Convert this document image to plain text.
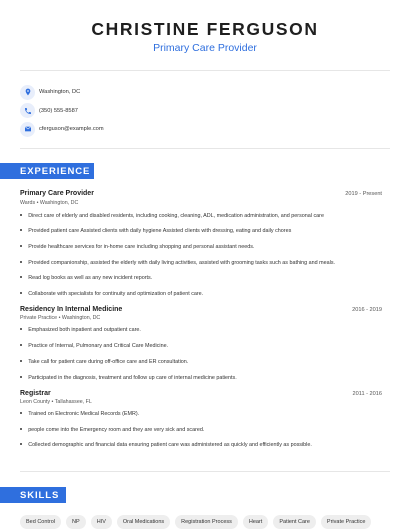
CHRISTINE FERGUSON
Primary Care Provider
Washington, DC
(350) 555-8587
cferguson@example.com
EXPERIENCE
Primary Care Provider	2019 - Present
Wards • Washington, DC
Direct care of elderly and disabled residents, including cooking, cleaning, ADL, medication administration, and personal care
Provided patient care Assisted clients with daily hygiene Assisted clients with dressing, eating and daily chores
Provide healthcare services for in-home care including shopping and personal assistant needs.
Provided companionship, assisted the elderly with daily living activities, assisted with grooming tasks such as bathing and meals.
Read log books as well as any new incident reports.
Collaborate with specialists for continuity and optimization of patient care.
Residency In Internal Medicine	2016 - 2019
Private Practice • Washington, DC
Emphasized both inpatient and outpatient care.
Practice of Internal, Pulmonary and Critical Care Medicine.
Take call for patient care during off-office care and ER consultation.
Participated in the diagnosis, treatment and follow up care of internal medicine patients.
Registrar	2011 - 2016
Leon County • Tallahassee, FL
Trained on Electronic Medical Records (EMR).
people come into the Emergency room and they are very sick and scared.
Collected demographic and financial data ensuring patient care was administered as quickly and efficiently as possible.
SKILLS
Bed Control	NP	HIV	Oral Medications	Registration Process	Heart	Patient Care	Private Practice
